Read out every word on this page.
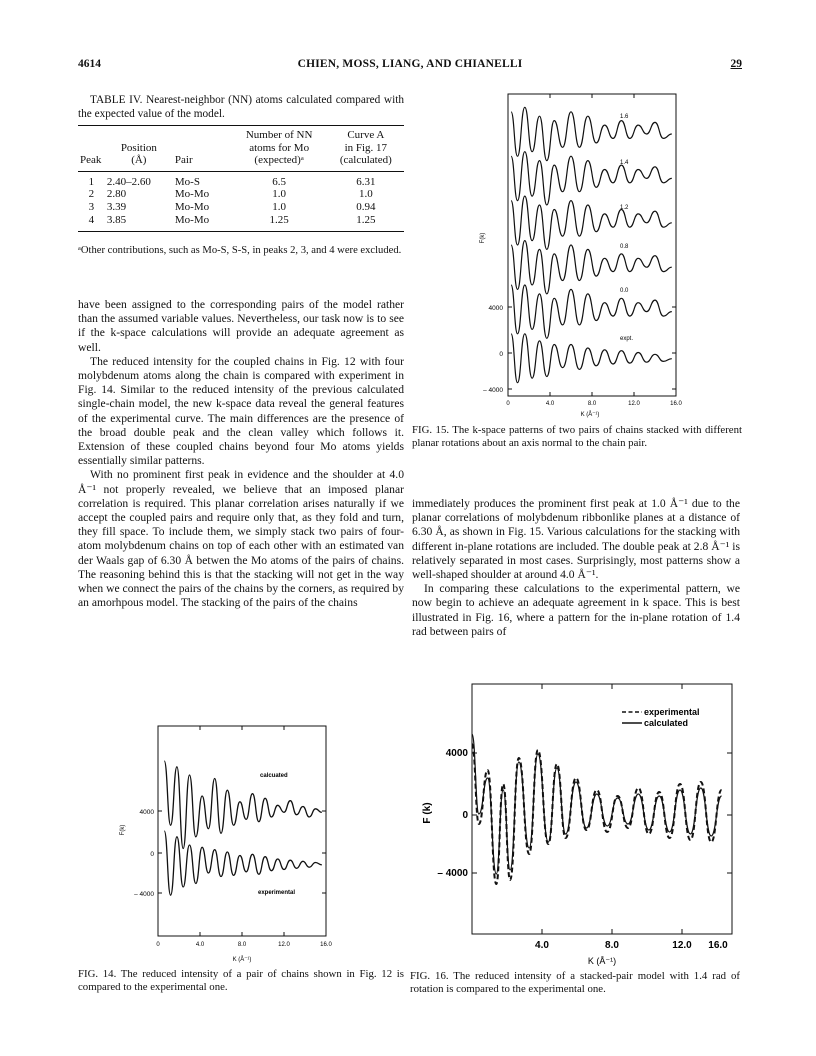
4614	CHIEN, MOSS, LIANG, AND CHIANELLI	29
TABLE IV. Nearest-neighbor (NN) atoms calculated compared with the expected value of the model.
			Number of NN	Curve A
	Position		atoms for Mo	in Fig. 17
Peak	(Å)	Pair	(expected)ᵃ	(calculated)
1	2.40–2.60	Mo-S	6.5	6.31
2	2.80	Mo-Mo	1.0	1.0
3	3.39	Mo-Mo	1.0	0.94
4	3.85	Mo-Mo	1.25	1.25
ᵃOther contributions, such as Mo-S, S-S, in peaks 2, 3, and 4 were excluded.

have been assigned to the corresponding pairs of the model rather than the assumed variable values. Nevertheless, our task now is to see if the k-space calculations will provide an adequate agreement as well.

The reduced intensity for the coupled chains in Fig. 12 with four molybdenum atoms along the chain is compared with experiment in Fig. 14. Similar to the reduced intensity of the previous calculated single-chain model, the new k-space data reveal the general features of the experimental curve. The main differences are the presence of the broad double peak and the clean valley which follows it. Extension of these coupled chains beyond four Mo atoms yields essentially similar patterns.

With no prominent first peak in evidence and the shoulder at 4.0 Å⁻¹ not properly revealed, we believe that an imposed planar correlation is required. This planar correlation arises naturally if we accept the coupled pairs and require only that, as they fold and turn, they fill space. To include them, we simply stack two pairs of four-atom molybdenum chains on top of each other with an estimated van der Waals gap of 6.30 Å betwen the Mo atoms of the pairs of chains. The reasoning behind this is that the stacking will not get in the way when we connect the pairs of the chains by the corners, as required by an amorhpous model. The stacking of the pairs of the chains

F(k)
4000
0
– 4000
0	4.0	8.0	12.0	16.0
K (Å⁻¹)
1.6
1.4
1.2
0.8
0.0
expt.
FIG. 15. The k-space patterns of two pairs of chains stacked with different planar rotations about an axis normal to the chain pair.

immediately produces the prominent first peak at 1.0 Å⁻¹ due to the planar correlations of molybdenum ribbonlike planes at a distance of 6.30 Å, as shown in Fig. 15. Various calculations for the stacking with different in-plane rotations are included. The double peak at 2.8 Å⁻¹ is relatively separated in most cases. Surprisingly, most patterns show a well-shaped shoulder at around 4.0 Å⁻¹.

In comparing these calculations to the experimental pattern, we now begin to achieve an adequate agreement in k space. This is best illustrated in Fig. 16, where a pattern for the in-plane rotation of 1.4 rad between pairs of

F(k)
4000
0
– 4000
0	4.0	8.0	12.0	16.0
K (Å⁻¹)
calcuated
experimental
FIG. 14. The reduced intensity of a pair of chains shown in Fig. 12 is compared to the experimental one.
F (k)
4000
0
– 4000
4.0	8.0	12.0 16.0
K (Å⁻¹)
experimental
calculated
FIG. 16. The reduced intensity of a stacked-pair model with 1.4 rad of rotation is compared to the experimental one.
